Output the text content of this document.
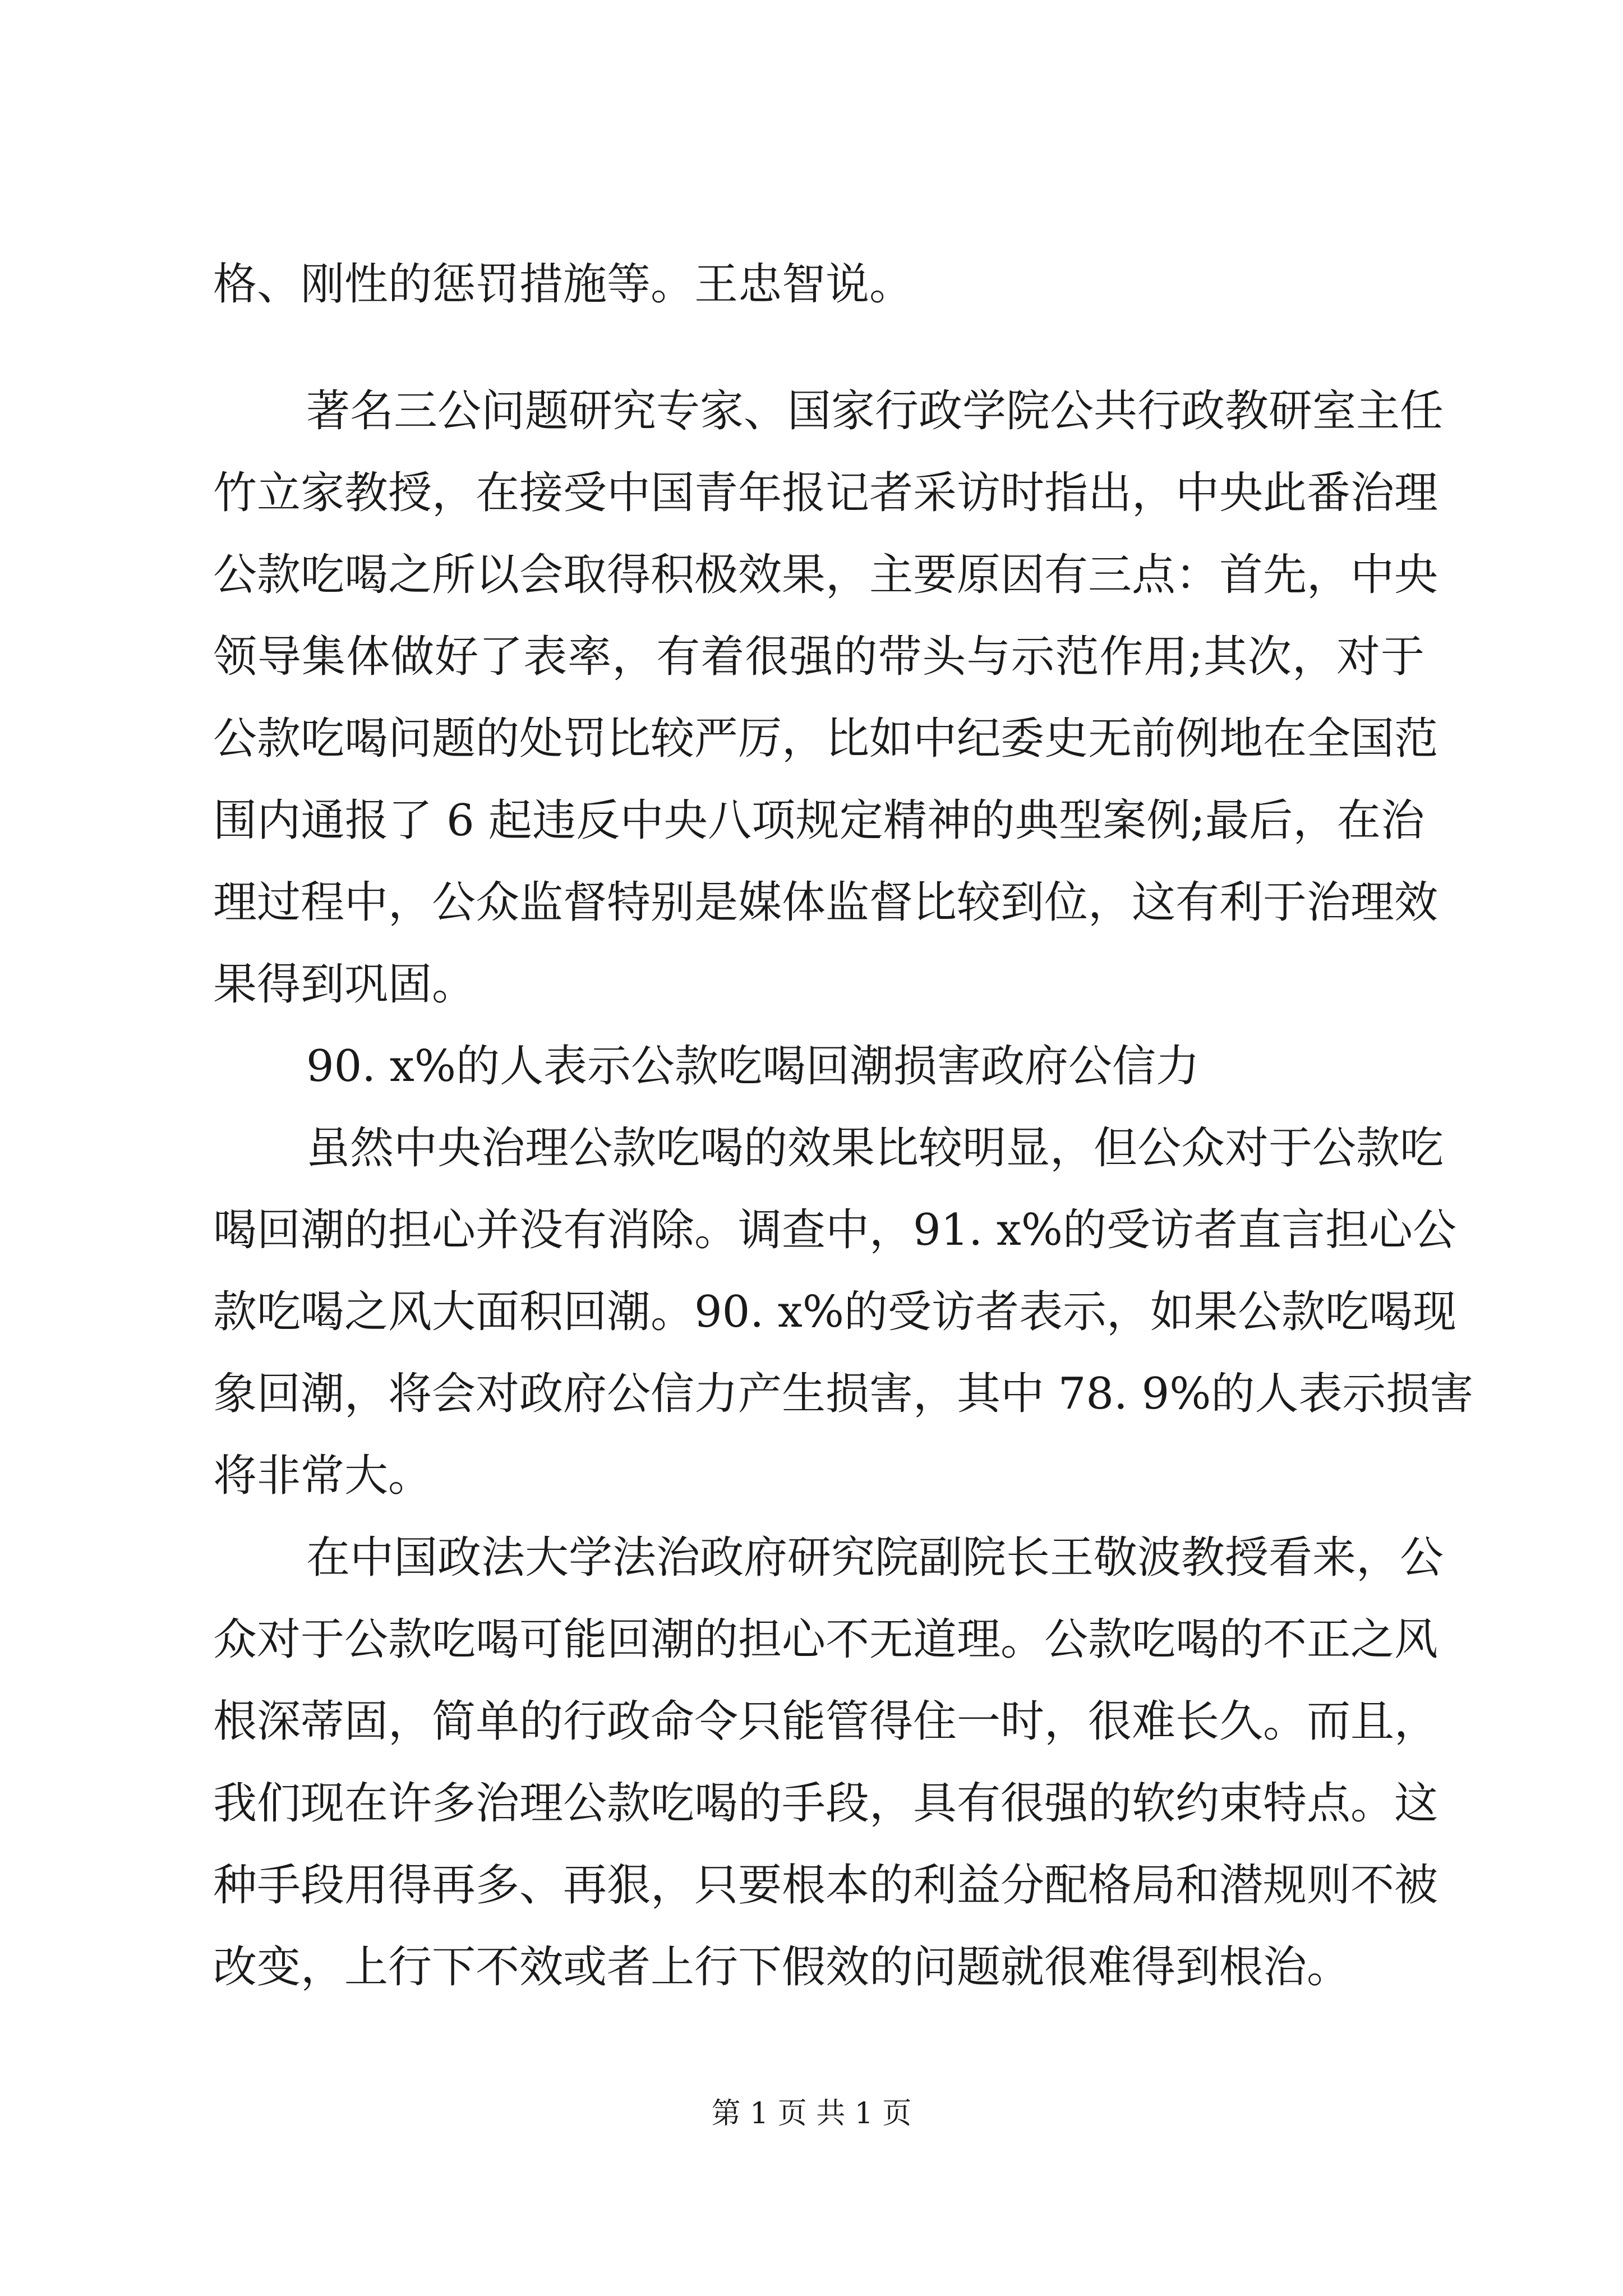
格、刚性的惩罚措施等。王忠智说。
著名三公问题研究专家、国家行政学院公共行政教研室主任
竹立家教授，在接受中国青年报记者采访时指出，中央此番治理
公款吃喝之所以会取得积极效果，主要原因有三点：首先，中央
领导集体做好了表率，有着很强的带头与示范作用;其次，对于
公款吃喝问题的处罚比较严厉，比如中纪委史无前例地在全国范
围内通报了 6 起违反中央八项规定精神的典型案例;最后，在治
理过程中，公众监督特别是媒体监督比较到位，这有利于治理效
果得到巩固。
90. x%的人表示公款吃喝回潮损害政府公信力
虽然中央治理公款吃喝的效果比较明显，但公众对于公款吃
喝回潮的担心并没有消除。调查中，91. x%的受访者直言担心公
款吃喝之风大面积回潮。90. x%的受访者表示，如果公款吃喝现
象回潮，将会对政府公信力产生损害，其中 78. 9%的人表示损害
将非常大。
在中国政法大学法治政府研究院副院长王敬波教授看来，公
众对于公款吃喝可能回潮的担心不无道理。公款吃喝的不正之风
根深蒂固，简单的行政命令只能管得住一时，很难长久。而且，
我们现在许多治理公款吃喝的手段，具有很强的软约束特点。这
种手段用得再多、再狠，只要根本的利益分配格局和潜规则不被
改变，上行下不效或者上行下假效的问题就很难得到根治。
第 1 页 共 1 页
